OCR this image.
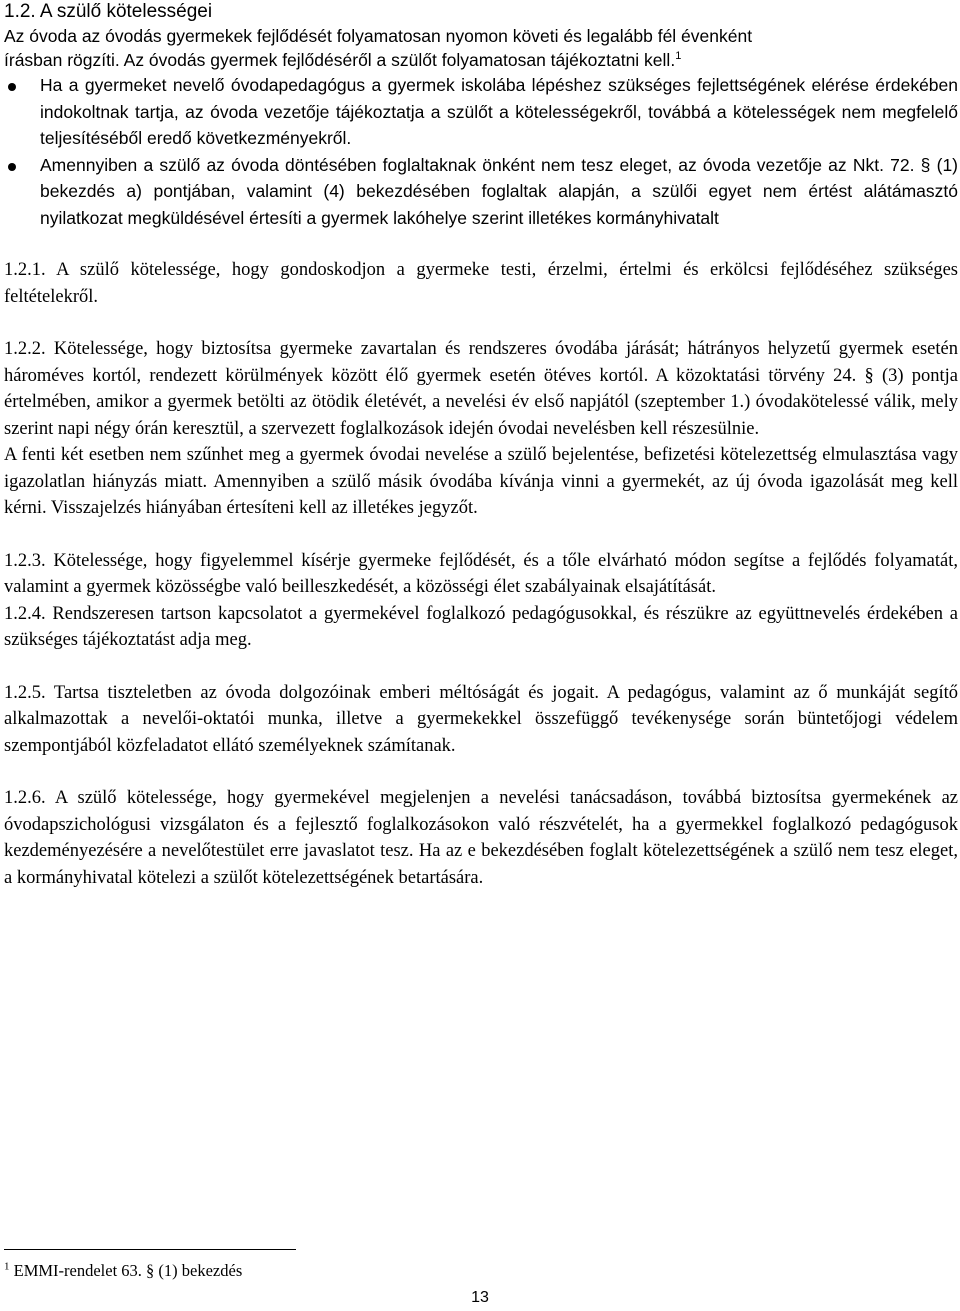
1.2. A szülő kötelességei

Az óvoda az óvodás gyermekek fejlődését folyamatosan nyomon követi és legalább fél évenként
írásban rögzíti. Az óvodás gyermek fejlődéséről a szülőt folyamatosan tájékoztatni kell.$^1$

Ha a gyermeket nevelő óvodapedagógus a gyermek iskolába lépéshez szükséges fejlettségének elérése érdekében indokoltnak tartja, az óvoda vezetője tájékoztatja a szülőt a kötelességekről, továbbá a kötelességek nem megfelelő teljesítéséből eredő következményekről.
Amennyiben a szülő az óvoda döntésében foglaltaknak önként nem tesz eleget, az óvoda vezetője az Nkt. 72. § (1) bekezdés a) pontjában, valamint (4) bekezdésében foglaltak alapján, a szülői egyet nem értést alátámasztó nyilatkozat megküldésével értesíti a gyermek lakóhelye szerint illetékes kormányhivatalt

1.2.1. A szülő kötelessége, hogy gondoskodjon a gyermeke testi, érzelmi, értelmi és erkölcsi fejlődéséhez szükséges feltételekről.

1.2.2. Kötelessége, hogy biztosítsa gyermeke zavartalan és rendszeres óvodába járását; hátrányos helyzetű gyermek esetén hároméves kortól, rendezett körülmények között élő gyermek esetén ötéves kortól. A közoktatási törvény 24. § (3) pontja értelmében, amikor a gyermek betölti az ötödik életévét, a nevelési év első napjától (szeptember 1.) óvodakötelessé válik, mely szerint napi négy órán keresztül, a szervezett foglalkozások idején óvodai nevelésben kell részesülnie.

A fenti két esetben nem szűnhet meg a gyermek óvodai nevelése a szülő bejelentése, befizetési kötelezettség elmulasztása vagy igazolatlan hiányzás miatt. Amennyiben a szülő másik óvodába kívánja vinni a gyermekét, az új óvoda igazolását meg kell kérni. Visszajelzés hiányában értesíteni kell az illetékes jegyzőt.

1.2.3. Kötelessége, hogy figyelemmel kísérje gyermeke fejlődését, és a tőle elvárható módon segítse a fejlődés folyamatát, valamint a gyermek közösségbe való beilleszkedését, a közösségi élet szabályainak elsajátítását.

1.2.4. Rendszeresen tartson kapcsolatot a gyermekével foglalkozó pedagógusokkal, és részükre az együttnevelés érdekében a szükséges tájékoztatást adja meg.

1.2.5. Tartsa tiszteletben az óvoda dolgozóinak emberi méltóságát és jogait. A pedagógus, valamint az ő munkáját segítő alkalmazottak a nevelői-oktatói munka, illetve a gyermekekkel összefüggő tevékenysége során büntetőjogi védelem szempontjából közfeladatot ellátó személyeknek számítanak.

1.2.6. A szülő kötelessége, hogy gyermekével megjelenjen a nevelési tanácsadáson, továbbá biztosítsa gyermekének az óvodapszichológusi vizsgálaton és a fejlesztő foglalkozásokon való részvételét, ha a gyermekkel foglalkozó pedagógusok kezdeményezésére a nevelőtestület erre javaslatot tesz. Ha az e bekezdésében foglalt kötelezettségének a szülő nem tesz eleget, a kormányhivatal kötelezi a szülőt kötelezettségének betartására.

$^1$ EMMI-rendelet 63. § (1) bekezdés
13
